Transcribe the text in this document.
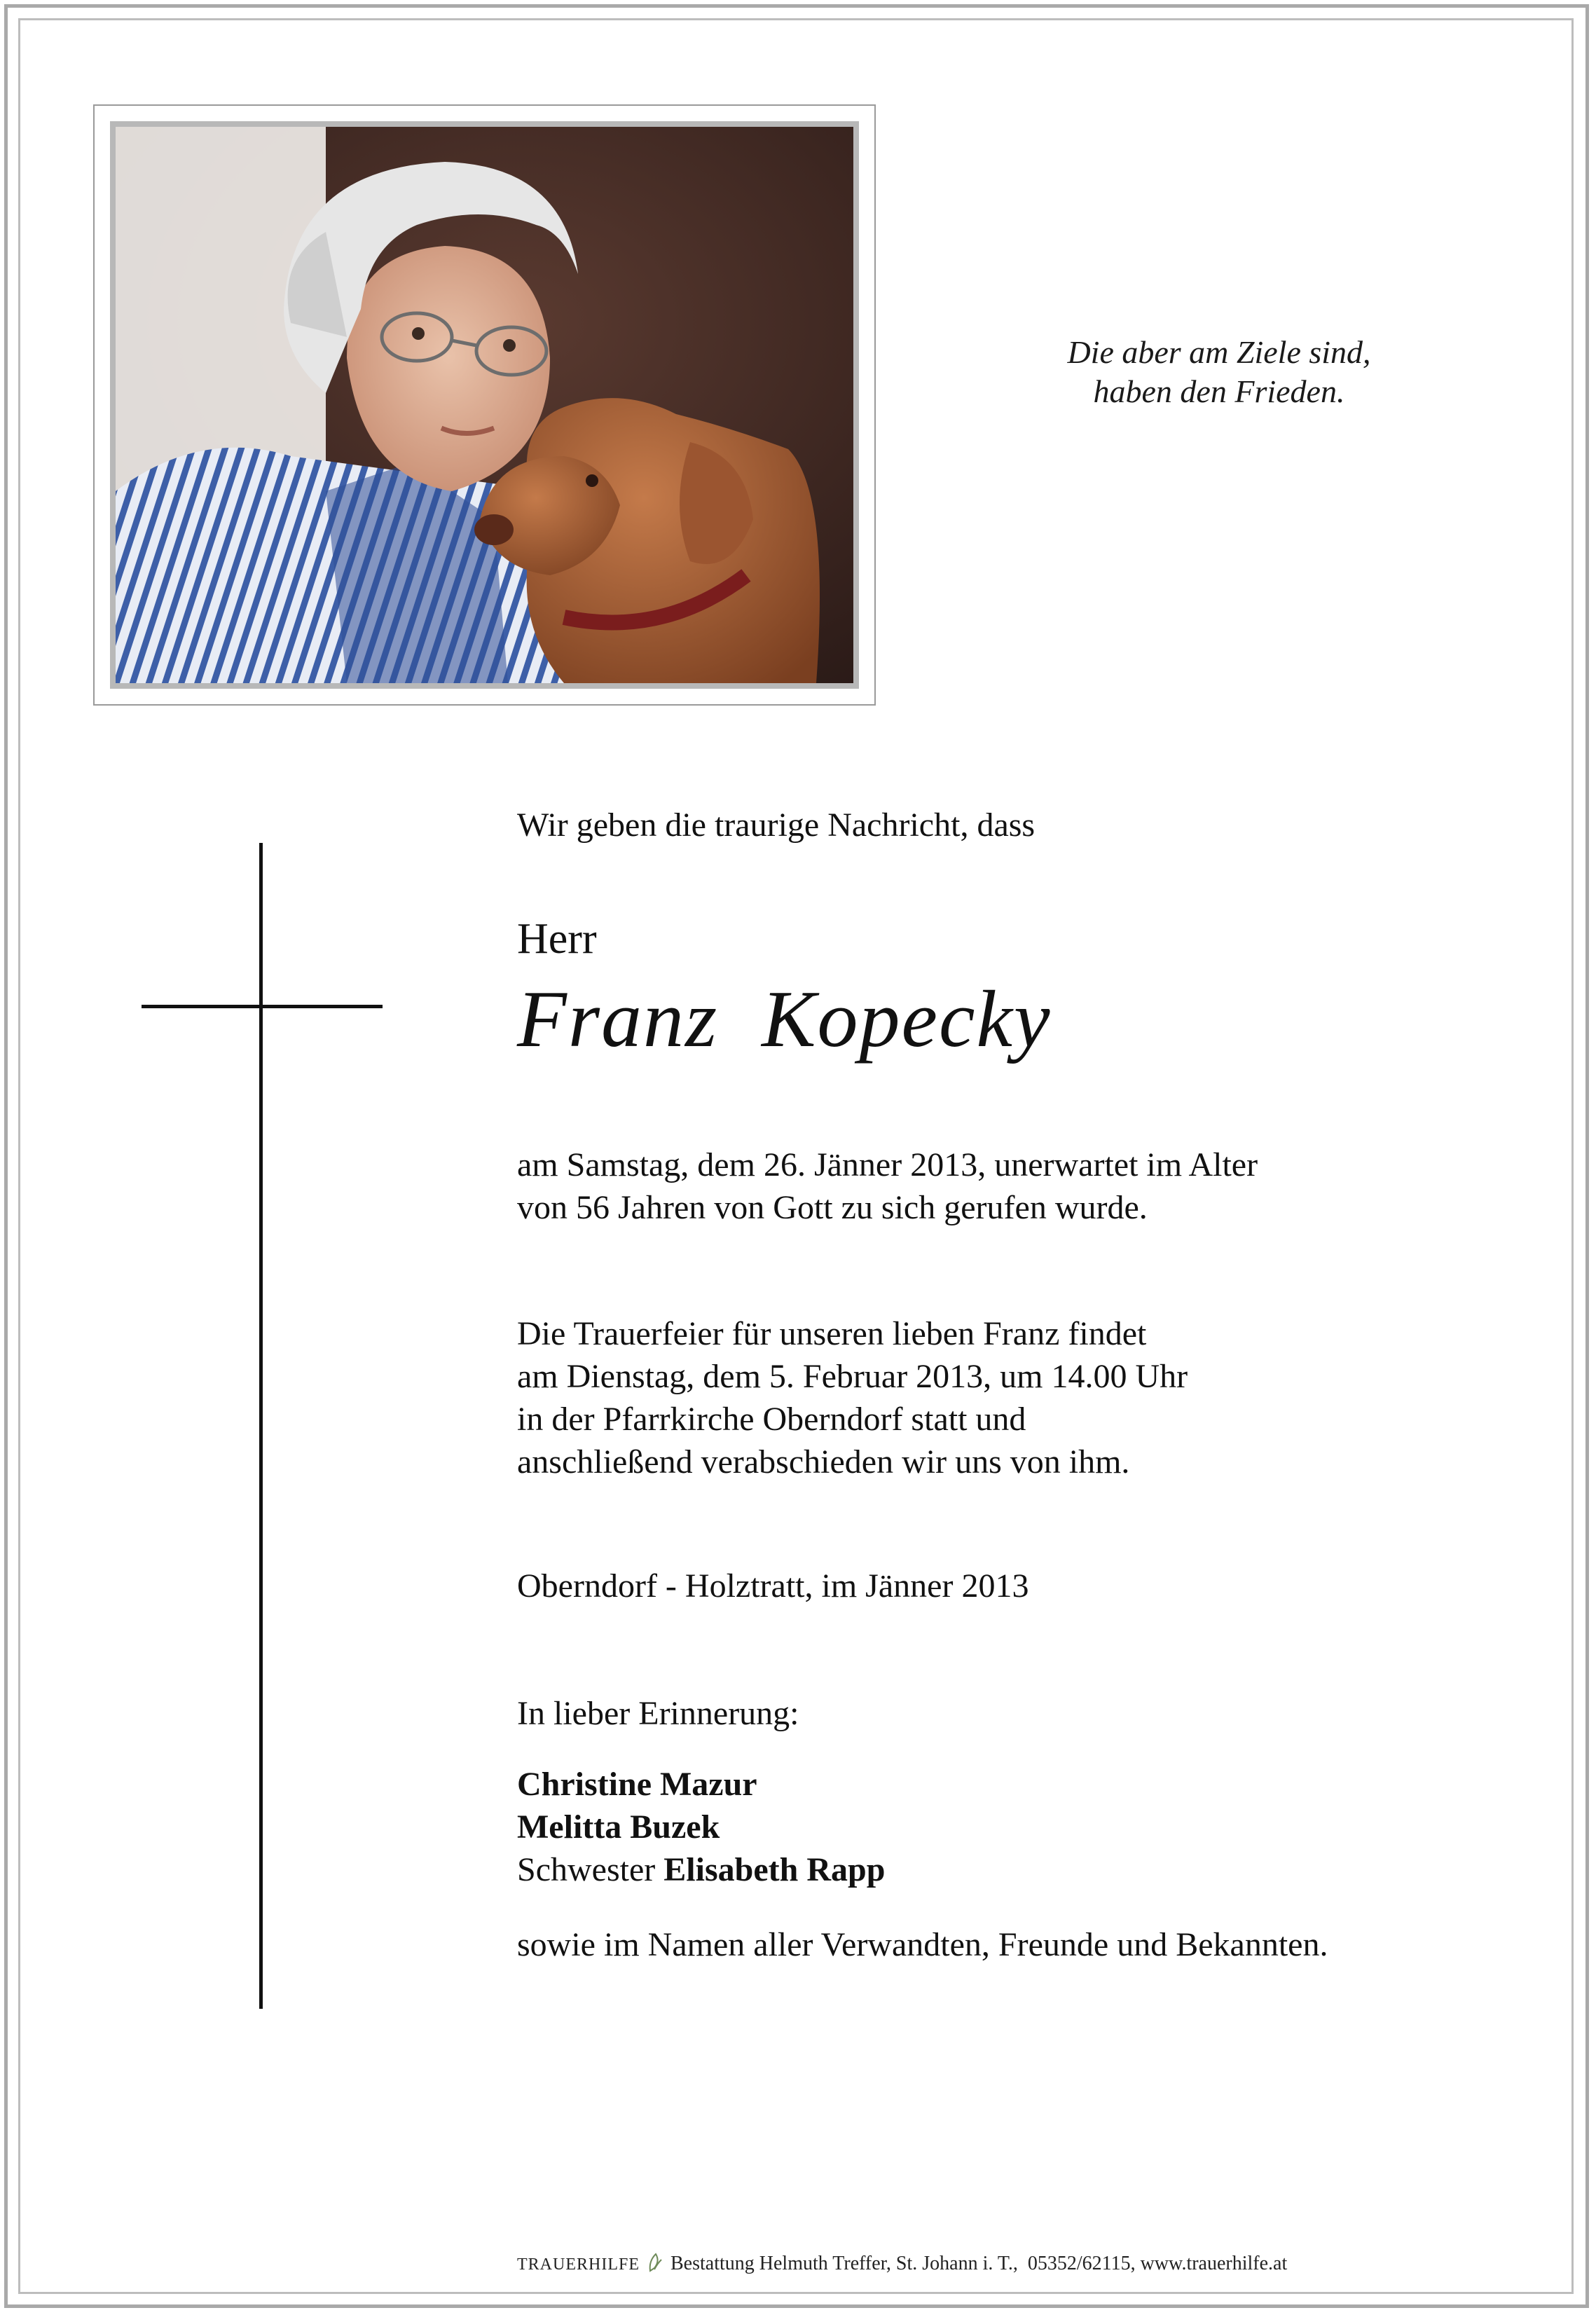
Die aber am Ziele sind,
haben den Frieden.
Wir geben die traurige Nachricht, dass
Herr
Franz  Kopecky
am Samstag, dem 26. Jänner 2013, unerwartet im Alter
von 56 Jahren von Gott zu sich gerufen wurde.
Die Trauerfeier für unseren lieben Franz findet
am Dienstag, dem 5. Februar 2013, um 14.00 Uhr
in der Pfarrkirche Oberndorf statt und
anschließend verabschieden wir uns von ihm.
Oberndorf - Holztratt, im Jänner 2013
In lieber Erinnerung:
Christine Mazur
Melitta Buzek
Schwester Elisabeth Rapp
sowie im Namen aller Verwandten, Freunde und Bekannten.
TRAUERHILFE Bestattung Helmuth Treffer, St. Johann i. T.,  05352/62115, www.trauerhilfe.at
